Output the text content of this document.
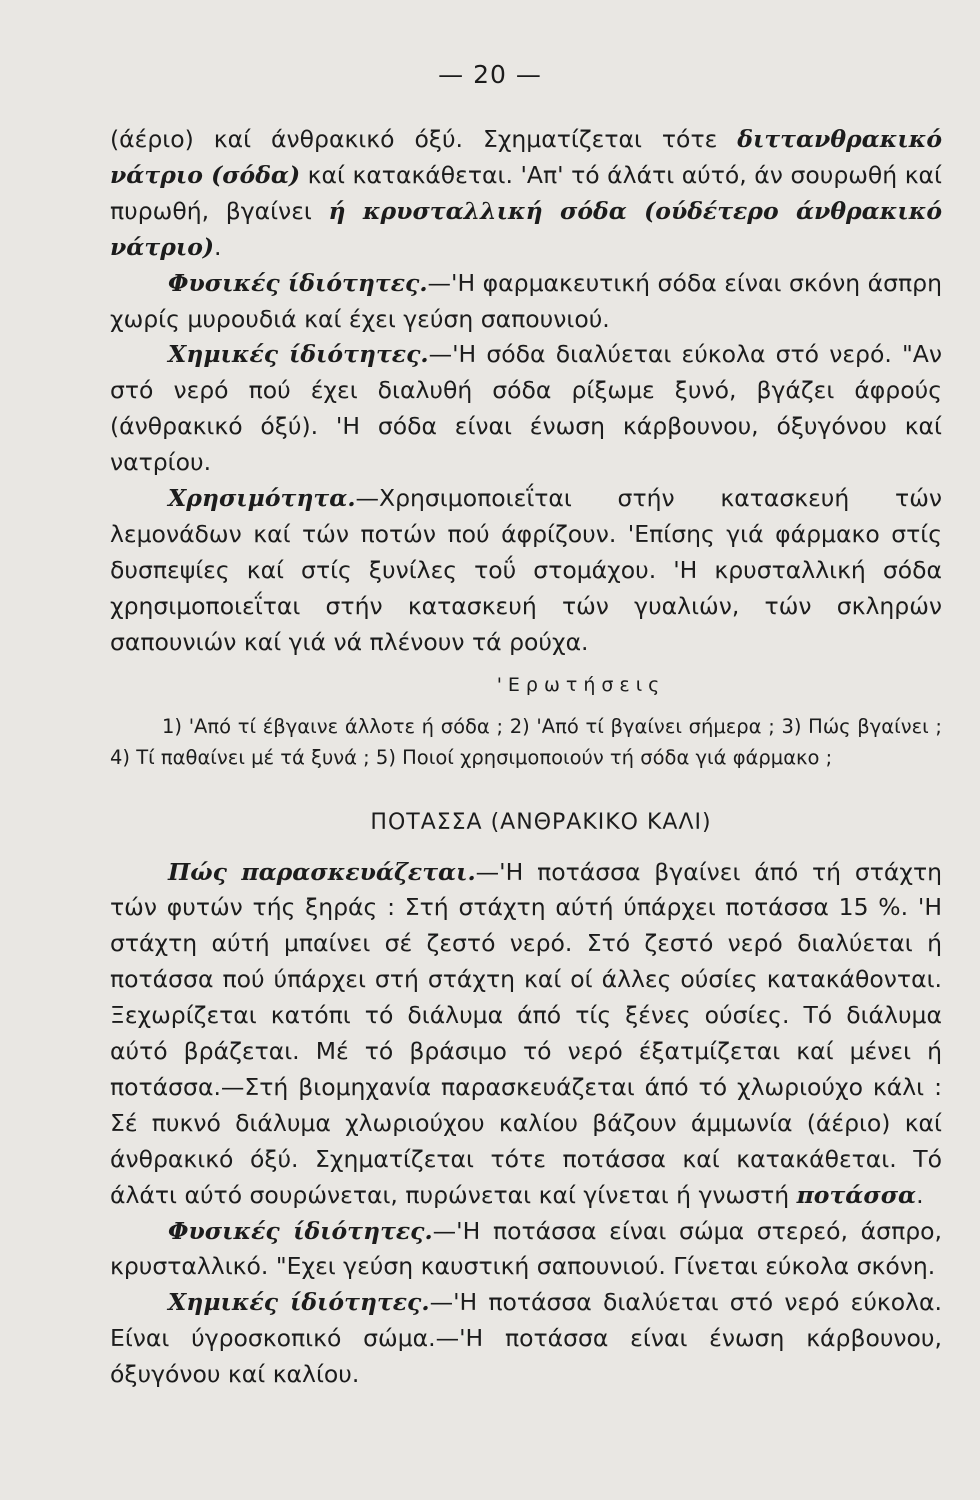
— 20 —

(άέριο) καί άνθρακικό όξύ. Σχηματίζεται τότε διττανθρακικό νάτριο (σόδα) καί κατακάθεται. 'Απ' τό άλάτι αύτό, άν σουρωθή καί πυρωθή, βγαίνει ή κρυσταλλική σόδα (ούδέτερο άνθρακικό νάτριο).

Φυσικές ίδιότητες.—'Η φαρμακευτική σόδα είναι σκόνη άσπρη χωρίς μυρουδιά καί έχει γεύση σαπουνιού.

Χημικές ίδιότητες.—'Η σόδα διαλύεται εύκολα στό νερό. "Αν στό νερό πού έχει διαλυθή σόδα ρίξωμε ξυνό, βγάζει άφρούς (άνθρακικό όξύ). 'Η σόδα είναι ένωση κάρβουνου, όξυγόνου καί νατρίου.

Χρησιμότητα.—Χρησιμοποιεΐται στήν κατασκευή τών λεμονάδων καί τών ποτών πού άφρίζουν. 'Επίσης γιά φάρμακο στίς δυσπεψίες καί στίς ξυνίλες τοΰ στομάχου. 'Η κρυσταλλική σόδα χρησιμοποιεΐται στήν κατασκευή τών γυαλιών, τών σκληρών σαπουνιών καί γιά νά πλένουν τά ρούχα.

'Ερωτήσεις

1) 'Από τί έβγαινε άλλοτε ή σόδα ; 2) 'Από τί βγαίνει σήμερα ; 3) Πώς βγαίνει ; 4) Τί παθαίνει μέ τά ξυνά ; 5) Ποιοί χρησιμοποιούν τή σόδα γιά φάρμακο ;

ΠΟΤΑΣΣΑ (ΑΝΘΡΑΚΙΚΟ ΚΑΛΙ)

Πώς παρασκευάζεται.—'Η ποτάσσα βγαίνει άπό τή στάχτη τών φυτών τής ξηράς : Στή στάχτη αύτή ύπάρχει ποτάσσα 15 %. 'Η στάχτη αύτή μπαίνει σέ ζεστό νερό. Στό ζεστό νερό διαλύεται ή ποτάσσα πού ύπάρχει στή στάχτη καί οί άλλες ούσίες κατακάθονται. Ξεχωρίζεται κατόπι τό διάλυμα άπό τίς ξένες ούσίες. Τό διάλυμα αύτό βράζεται. Μέ τό βράσιμο τό νερό έξατμίζεται καί μένει ή ποτάσσα.—Στή βιομηχανία παρασκευάζεται άπό τό χλωριούχο κάλι : Σέ πυκνό διάλυμα χλωριούχου καλίου βάζουν άμμωνία (άέριο) καί άνθρακικό όξύ. Σχηματίζεται τότε ποτάσσα καί κατακάθεται. Τό άλάτι αύτό σουρώνεται, πυρώνεται καί γίνεται ή γνωστή ποτάσσα.

Φυσικές ίδιότητες.—'Η ποτάσσα είναι σώμα στερεό, άσπρο, κρυσταλλικό. "Εχει γεύση καυστική σαπουνιού. Γίνεται εύκολα σκόνη.

Χημικές ίδιότητες.—'Η ποτάσσα διαλύεται στό νερό εύκολα. Είναι ύγροσκοπικό σώμα.—'Η ποτάσσα είναι ένωση κάρβουνου, όξυγόνου καί καλίου.
